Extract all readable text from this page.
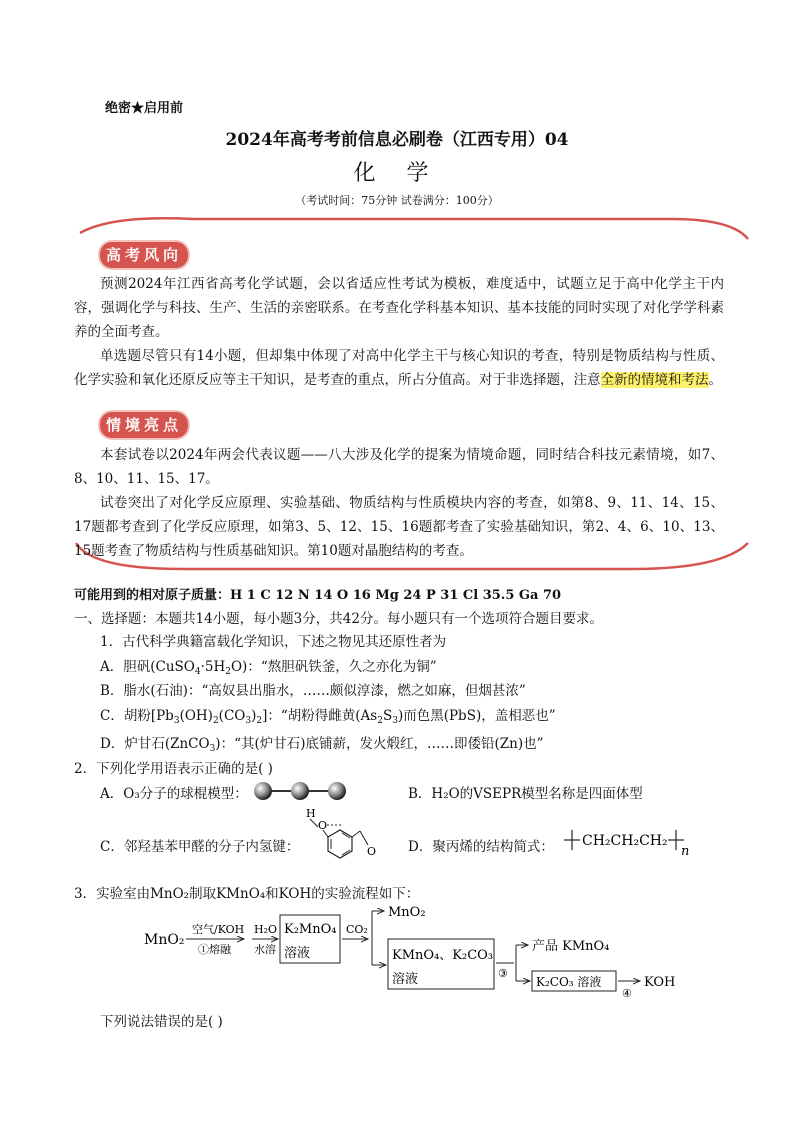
绝密★启用前
2024年高考考前信息必刷卷（江西专用）04
化 学
（考试时间：75分钟 试卷满分：100分）
高考风向
预测2024年江西省高考化学试题，会以省适应性考试为模板，难度适中，试题立足于高中化学主干内容，强调化学与科技、生产、生活的亲密联系。在考查化学科基本知识、基本技能的同时实现了对化学学科素养的全面考查。
单选题尽管只有14小题，但却集中体现了对高中化学主干与核心知识的考查，特别是物质结构与性质、化学实验和氧化还原反应等主干知识，是考查的重点，所占分值高。对于非选择题，注意全新的情境和考法。
情境亮点
本套试卷以2024年两会代表议题——八大涉及化学的提案为情境命题，同时结合科技元素情境，如7、8、10、11、15、17。
试卷突出了对化学反应原理、实验基础、物质结构与性质模块内容的考查，如第8、9、11、14、15、17题都考查到了化学反应原理，如第3、5、12、15、16题都考查了实验基础知识，第2、4、6、10、13、15题考查了物质结构与性质基础知识。第10题对晶胞结构的考查。
可能用到的相对原子质量：H 1 C 12 N 14 O 16 Mg 24 P 31 Cl 35.5 Ga 70
一、选择题：本题共14小题，每小题3分，共42分。每小题只有一个选项符合题目要求。
1．古代科学典籍富载化学知识，下述之物见其还原性者为
A．胆矾$(CuSO_4\cdot 5H_2O)$：“熬胆矾铁釜，久之亦化为铜”
B．脂水(石油)：“高奴县出脂水，……颇似淳漆，燃之如麻，但烟甚浓”
C．胡粉$[Pb_3(OH)_2(CO_3)_2]$：“胡粉得雌黄$(As_2S_3)$而色黑(PbS)，盖相恶也”
D．炉甘石(ZnCO$_3$)：“其(炉甘石)底铺薪，发火煅红，……即倭铅(Zn)也”
2．下列化学用语表示正确的是( )
A．O₃分子的球棍模型：	B．H₂O的VSEPR模型名称是四面体型
C．邻羟基苯甲醛的分子内氢键：
H
O
O D．聚丙烯的结构简式： CH₂CH₂CH₂
n
3．实验室由MnO₂制取KMnO₄和KOH的实验流程如下：
MnO₂
空气/KOH
①熔融
H₂O
水溶
K₂MnO₄
溶液
CO₂
MnO₂
KMnO₄、K₂CO₃
溶液	③
产品 KMnO₄
K₂CO₃ 溶液
④
KOH
下列说法错误的是( )
